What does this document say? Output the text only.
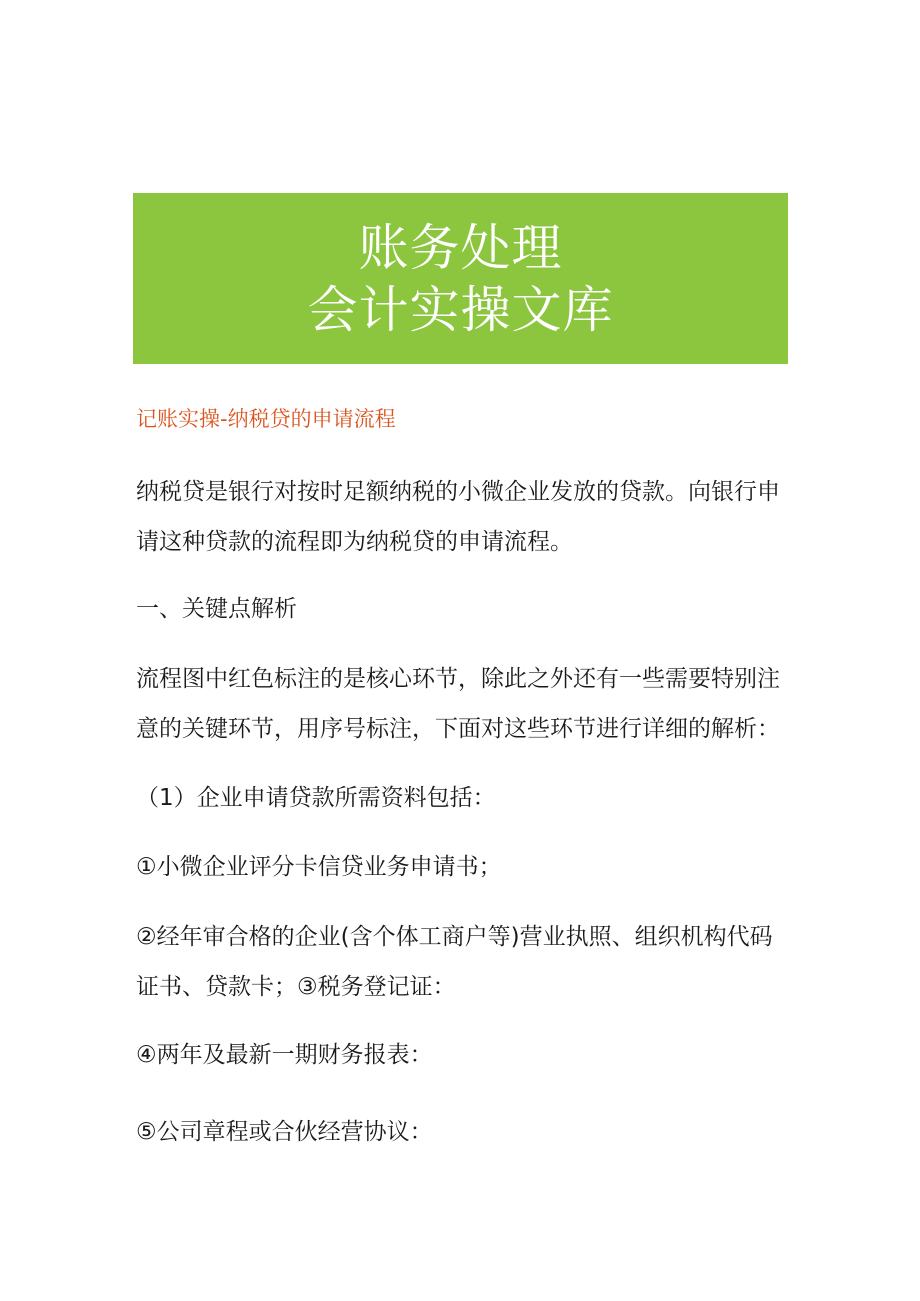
账务处理
会计实操文库
记账实操-纳税贷的申请流程
纳税贷是银行对按时足额纳税的小微企业发放的贷款。向银行申
请这种贷款的流程即为纳税贷的申请流程。
一、关键点解析
流程图中红色标注的是核心环节，除此之外还有一些需要特别注
意的关键环节，用序号标注，下面对这些环节进行详细的解析：
（1）企业申请贷款所需资料包括：
①小微企业评分卡信贷业务申请书；
②经年审合格的企业(含个体工商户等)营业执照、组织机构代码
证书、贷款卡；③税务登记证：
④两年及最新一期财务报表：
⑤公司章程或合伙经营协议：
